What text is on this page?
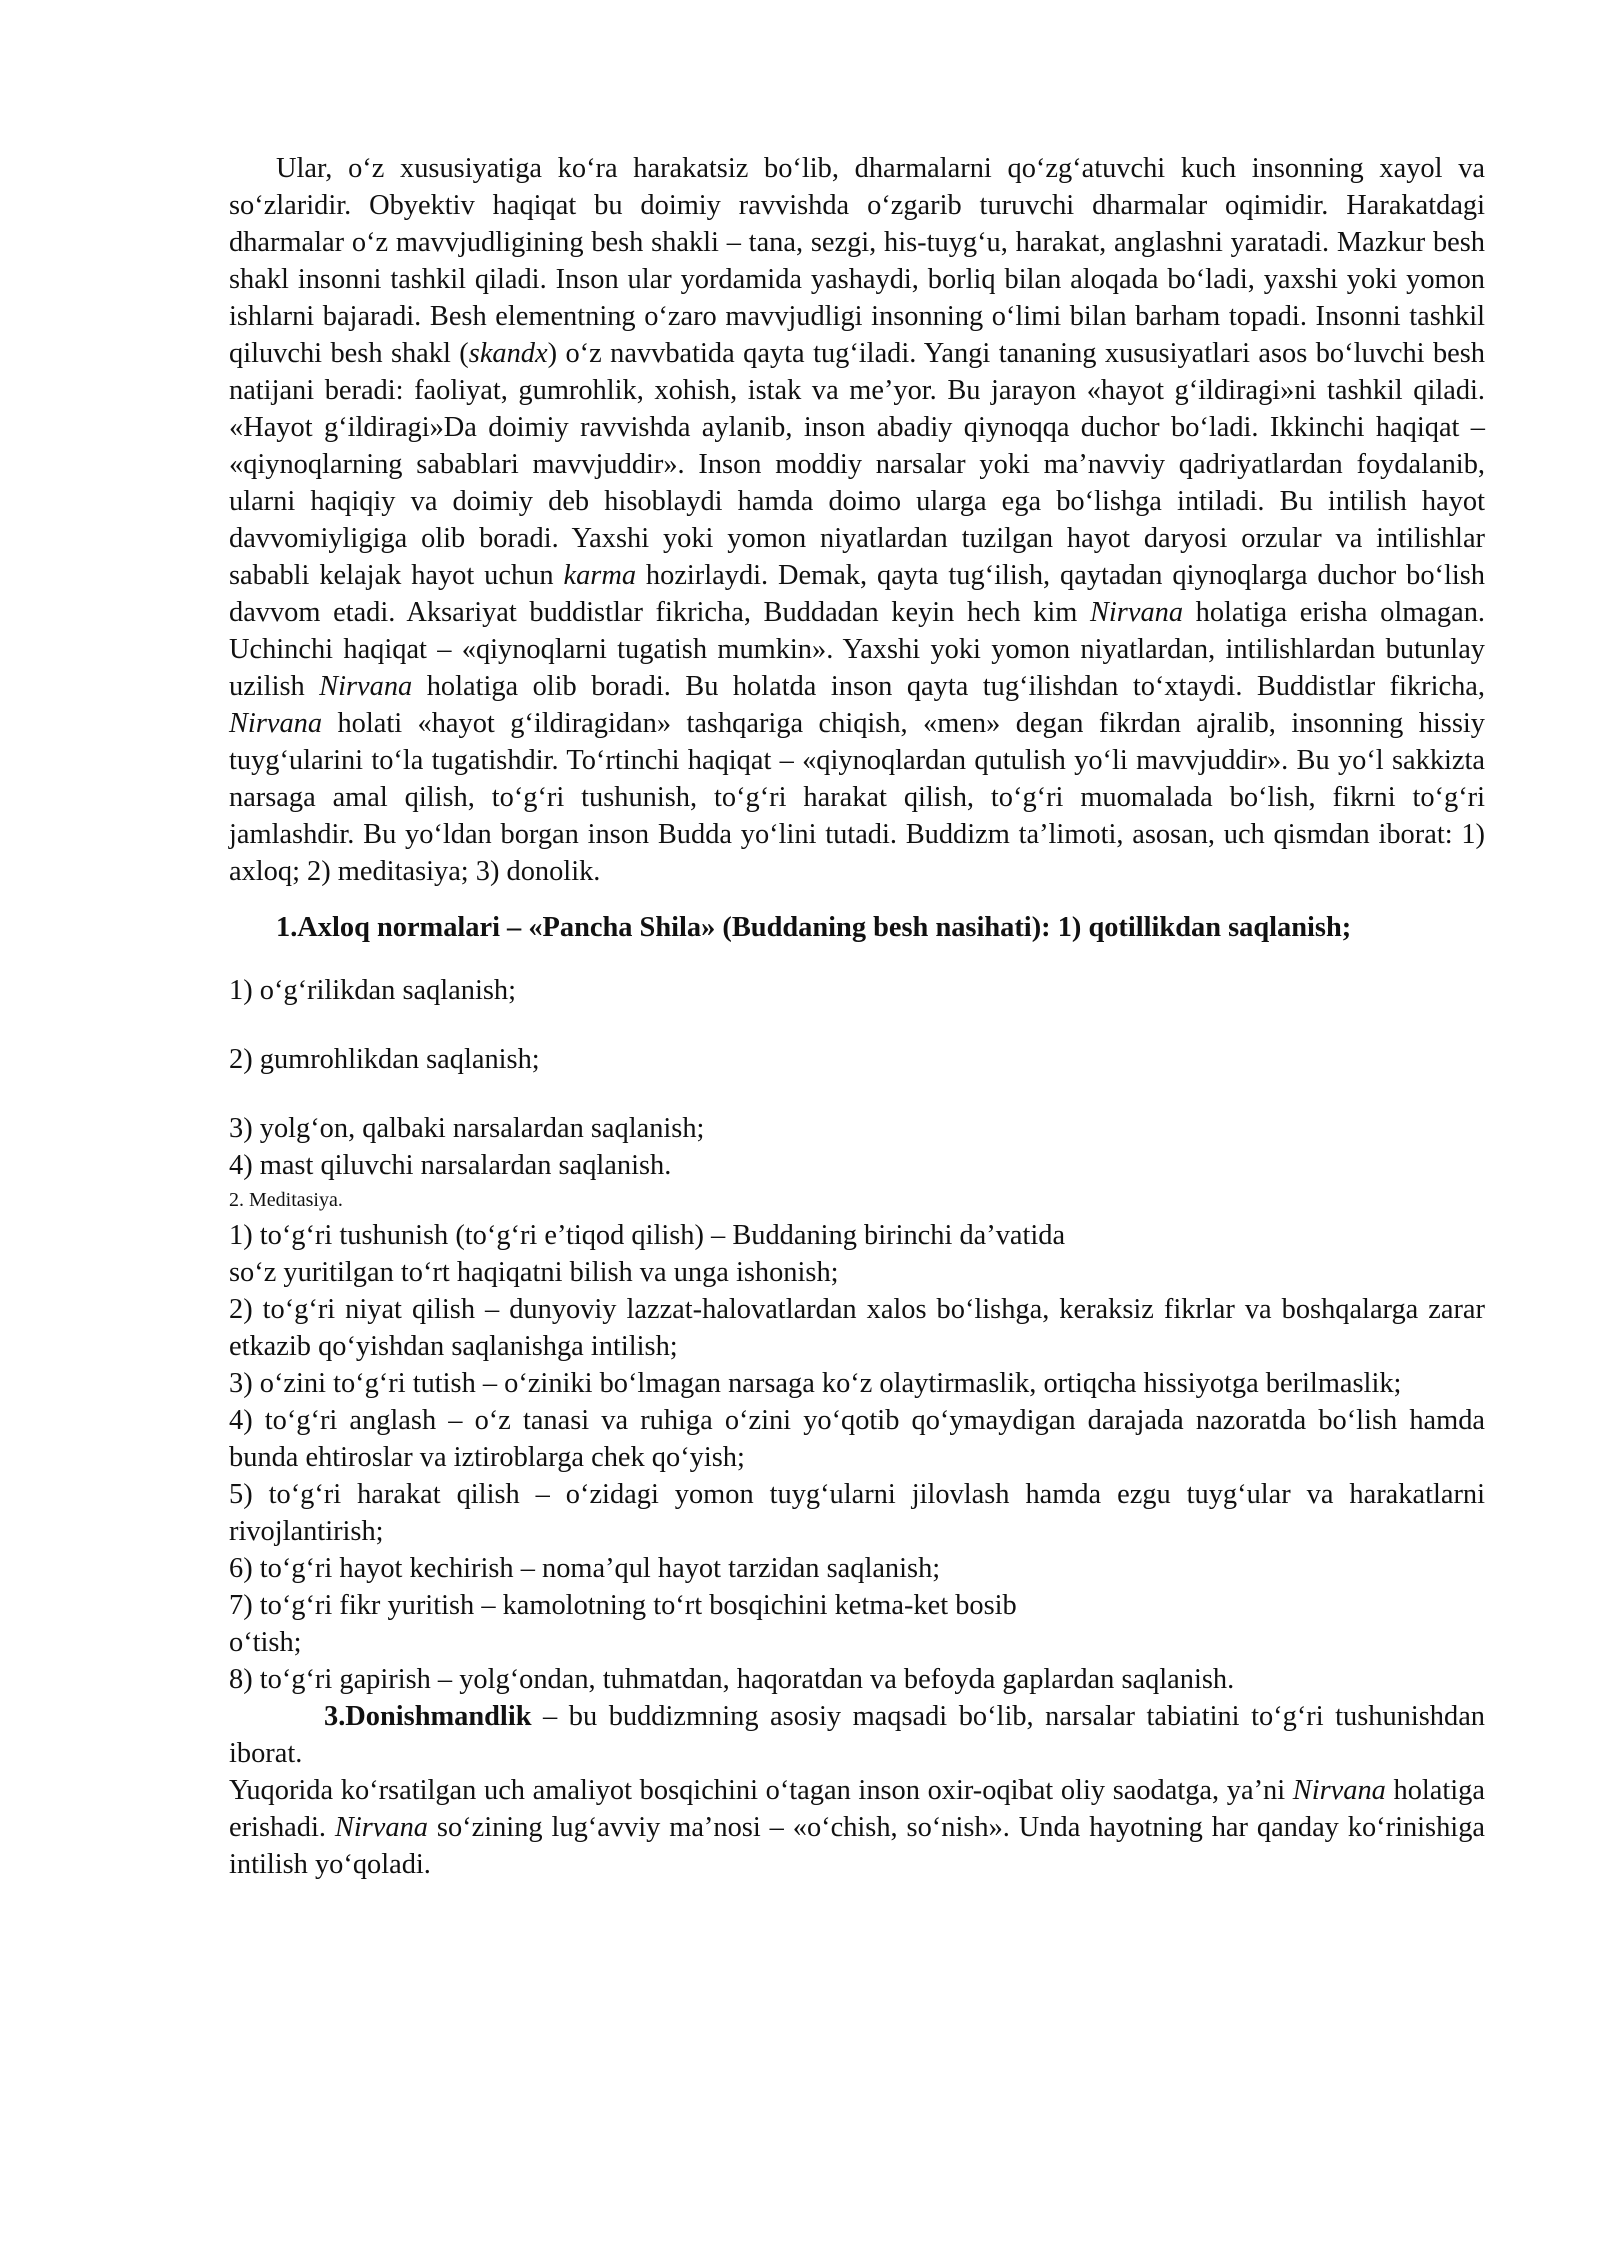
Ular, o‘z xususiyatiga ko‘ra harakatsiz bo‘lib, dharmalarni qo‘zg‘atuvchi kuch insonning xayol va so‘zlaridir. Obyektiv haqiqat bu doimiy ravvishda o‘zgarib turuvchi dharmalar oqimidir. Harakatdagi dharmalar o‘z mavvjudligining besh shakli – tana, sezgi, his-tuyg‘u, harakat, anglashni yaratadi. Mazkur besh shakl insonni tashkil qiladi. Inson ular yordamida yashaydi, borliq bilan aloqada bo‘ladi, yaxshi yoki yomon ishlarni bajaradi. Besh elementning o‘zaro mavvjudligi insonning o‘limi bilan barham topadi. Insonni tashkil qiluvchi besh shakl (skandx) o‘z navvbatida qayta tug‘iladi. Yangi tananing xususiyatlari asos bo‘luvchi besh natijani beradi: faoliyat, gumrohlik, xohish, istak va me’yor. Bu jarayon «hayot g‘ildiragi»ni tashkil qiladi. «Hayot g‘ildiragi»Da doimiy ravvishda aylanib, inson abadiy qiynoqqa duchor bo‘ladi. Ikkinchi haqiqat – «qiynoqlarning sabablari mavvjuddir». Inson moddiy narsalar yoki ma’navviy qadriyatlardan foydalanib, ularni haqiqiy va doimiy deb hisoblaydi hamda doimo ularga ega bo‘lishga intiladi. Bu intilish hayot davvomiyligiga olib boradi. Yaxshi yoki yomon niyatlardan tuzilgan hayot daryosi orzular va intilishlar sababli kelajak hayot uchun karma hozirlaydi. Demak, qayta tug‘ilish, qaytadan qiynoqlarga duchor bo‘lish davvom etadi. Aksariyat buddistlar fikricha, Buddadan keyin hech kim Nirvana holatiga erisha olmagan. Uchinchi haqiqat – «qiynoqlarni tugatish mumkin». Yaxshi yoki yomon niyatlardan, intilishlardan butunlay uzilish Nirvana holatiga olib boradi. Bu holatda inson qayta tug‘ilishdan to‘xtaydi. Buddistlar fikricha, Nirvana holati «hayot g‘ildiragidan» tashqariga chiqish, «men» degan fikrdan ajralib, insonning hissiy tuyg‘ularini to‘la tugatishdir. To‘rtinchi haqiqat – «qiynoqlardan qutulish yo‘li mavvjuddir». Bu yo‘l sakkizta narsaga amal qilish, to‘g‘ri tushunish, to‘g‘ri harakat qilish, to‘g‘ri muomalada bo‘lish, fikrni to‘g‘ri jamlashdir. Bu yo‘ldan borgan inson Budda yo‘lini tutadi. Buddizm ta’limoti, asosan, uch qismdan iborat: 1) axloq; 2) meditasiya; 3) donolik.

1.Axloq normalari – «Pancha Shila» (Buddaning besh nasihati): 1) qotillikdan saqlanish;

1) o‘g‘rilikdan saqlanish;

2) gumrohlikdan saqlanish;

3) yolg‘on, qalbaki narsalardan saqlanish;

4) mast qiluvchi narsalardan saqlanish.

2. Meditasiya.

1) to‘g‘ri tushunish (to‘g‘ri e’tiqod qilish) – Buddaning birinchi da’vatida

so‘z yuritilgan to‘rt haqiqatni bilish va unga ishonish;

2) to‘g‘ri niyat qilish – dunyoviy lazzat-halovatlardan xalos bo‘lishga, keraksiz fikrlar va boshqalarga zarar etkazib qo‘yishdan saqlanishga intilish;

3) o‘zini to‘g‘ri tutish – o‘ziniki bo‘lmagan narsaga ko‘z olaytirmaslik, ortiqcha hissiyotga berilmaslik;

4) to‘g‘ri anglash – o‘z tanasi va ruhiga o‘zini yo‘qotib qo‘ymaydigan darajada nazoratda bo‘lish hamda bunda ehtiroslar va iztiroblarga chek qo‘yish;

5) to‘g‘ri harakat qilish – o‘zidagi yomon tuyg‘ularni jilovlash hamda ezgu tuyg‘ular va harakatlarni rivojlantirish;

6) to‘g‘ri hayot kechirish – noma’qul hayot tarzidan saqlanish;

7) to‘g‘ri fikr yuritish – kamolotning to‘rt bosqichini ketma-ket bosib

o‘tish;

8) to‘g‘ri gapirish – yolg‘ondan, tuhmatdan, haqoratdan va befoyda gaplardan saqlanish.

3.Donishmandlik – bu buddizmning asosiy maqsadi bo‘lib, narsalar tabiatini to‘g‘ri tushunishdan iborat.

Yuqorida ko‘rsatilgan uch amaliyot bosqichini o‘tagan inson oxir-oqibat oliy saodatga, ya’ni Nirvana holatiga erishadi. Nirvana so‘zining lug‘avviy ma’nosi – «o‘chish, so‘nish». Unda hayotning har qanday ko‘rinishiga intilish yo‘qoladi.
